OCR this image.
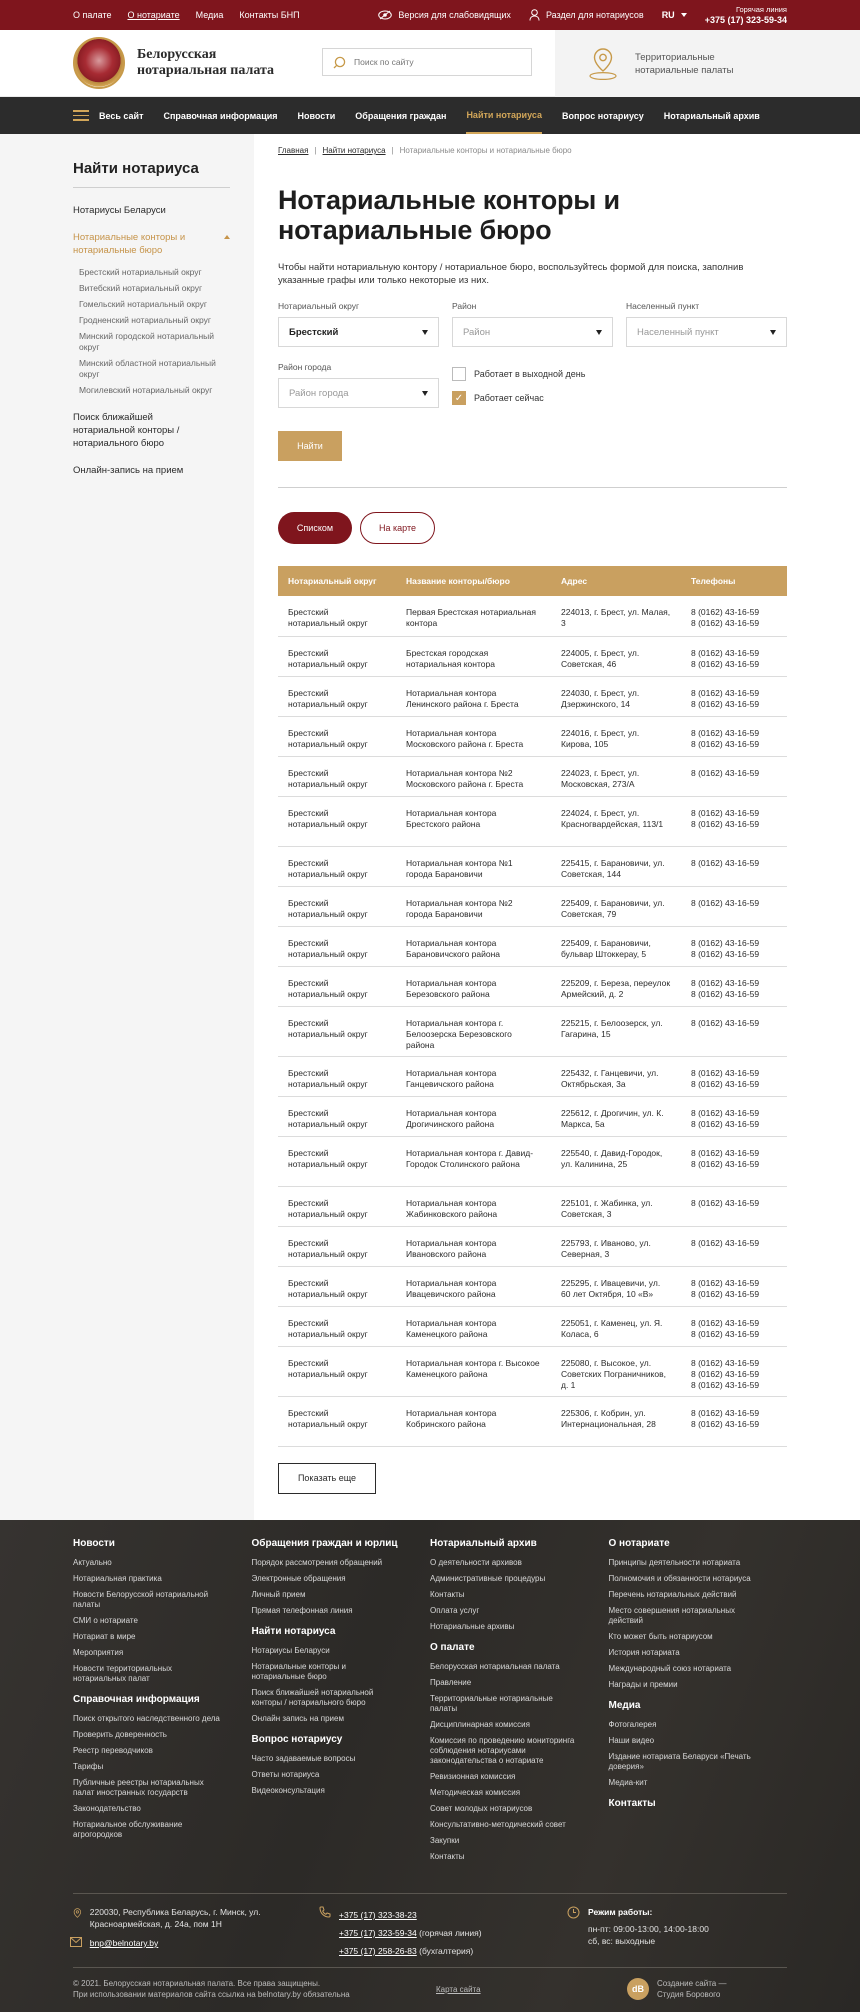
О палате О нотариате Медиа Контакты БНП	Версия для слабовидящих	Раздел для нотариусов RU
Горячая линия
+375 (17) 323-59-34
Белорусская нотариальная палата
Поиск по сайту
Территориальные нотариальные палаты
Весь сайт Справочная информация Новости Обращения граждан Найти нотариуса Вопрос нотариусу Нотариальный архив
Найти нотариуса
Нотариусы Беларуси
Нотариальные конторы и нотариальные бюро
Брестский нотариальный округ
Витебский нотариальный округ
Гомельский нотариальный округ
Гродненский нотариальный округ
Минский городской нотариальный округ
Минский областной нотариальный округ
Могилевский нотариальный округ
Поиск ближайшей нотариальной конторы / нотариального бюро
Онлайн-запись на прием
Главная | Найти нотариуса | Нотариальные конторы и нотариальные бюро
Нотариальные конторы и нотариальные бюро

Чтобы найти нотариальную контору / нотариальное бюро, воспользуйтесь формой для поиска, заполнив указанные графы или только некоторые из них.

Нотариальный округ
Брестский
Район
Район
Населенный пункт
Населенный пункт
Район города
Район города
Работает в выходной день
✓	Работает сейчас
Найти
Списком	На карте
Нотариальный округ	Название конторы/бюро	Адрес	Телефоны
Брестский нотариальный округ	Первая Брестская нотариальная контора	224013, г. Брест, ул. Малая, 3	8 (0162) 43-16-59
8 (0162) 43-16-59
Брестский нотариальный округ	Брестская городская нотариальная контора	224005, г. Брест, ул. Советская, 46	8 (0162) 43-16-59
8 (0162) 43-16-59
Брестский нотариальный округ	Нотариальная контора Ленинского района г. Бреста	224030, г. Брест, ул. Дзержинского, 14	8 (0162) 43-16-59
8 (0162) 43-16-59
Брестский нотариальный округ	Нотариальная контора Московского района г. Бреста	224016, г. Брест, ул. Кирова, 105	8 (0162) 43-16-59
8 (0162) 43-16-59
Брестский нотариальный округ	Нотариальная контора №2 Московского района г. Бреста	224023, г. Брест, ул. Московская, 273/А	8 (0162) 43-16-59
Брестский нотариальный округ	Нотариальная контора Брестского района	224024, г. Брест, ул. Красногвардейская, 113/1	8 (0162) 43-16-59
8 (0162) 43-16-59
Брестский нотариальный округ	Нотариальная контора №1 города Барановичи	225415, г. Барановичи, ул. Советская, 144	8 (0162) 43-16-59
Брестский нотариальный округ	Нотариальная контора №2 города Барановичи	225409, г. Барановичи, ул. Советская, 79	8 (0162) 43-16-59
Брестский нотариальный округ	Нотариальная контора Барановичского района	225409, г. Барановичи, бульвар Штоккерау, 5	8 (0162) 43-16-59
8 (0162) 43-16-59
Брестский нотариальный округ	Нотариальная контора Березовского района	225209, г. Береза, переулок Армейский, д. 2	8 (0162) 43-16-59
8 (0162) 43-16-59
Брестский нотариальный округ	Нотариальная контора г. Белоозерска Березовского района	225215, г. Белоозерск, ул. Гагарина, 15	8 (0162) 43-16-59
Брестский нотариальный округ	Нотариальная контора Ганцевичского района	225432, г. Ганцевичи, ул. Октябрьская, 3а	8 (0162) 43-16-59
8 (0162) 43-16-59
Брестский нотариальный округ	Нотариальная контора Дрогичинского района	225612, г. Дрогичин, ул. К. Маркса, 5а	8 (0162) 43-16-59
8 (0162) 43-16-59
Брестский нотариальный округ	Нотариальная контора г. Давид-Городок Столинского района	225540, г. Давид-Городок, ул. Калинина, 25	8 (0162) 43-16-59
8 (0162) 43-16-59
Брестский нотариальный округ	Нотариальная контора Жабинковского района	225101, г. Жабинка, ул. Советская, 3	8 (0162) 43-16-59
Брестский нотариальный округ	Нотариальная контора Ивановского района	225793, г. Иваново, ул. Северная, 3	8 (0162) 43-16-59
Брестский нотариальный округ	Нотариальная контора Ивацевичского района	225295, г. Ивацевичи, ул. 60 лет Октября, 10 «В»	8 (0162) 43-16-59
8 (0162) 43-16-59
Брестский нотариальный округ	Нотариальная контора Каменецкого района	225051, г. Каменец, ул. Я. Коласа, 6	8 (0162) 43-16-59
8 (0162) 43-16-59
Брестский нотариальный округ	Нотариальная контора г. Высокое Каменецкого района	225080, г. Высокое, ул. Советских Пограничников, д. 1	8 (0162) 43-16-59
8 (0162) 43-16-59
8 (0162) 43-16-59
Брестский нотариальный округ	Нотариальная контора Кобринского района	225306, г. Кобрин, ул. Интернациональная, 28	8 (0162) 43-16-59
8 (0162) 43-16-59
Показать еще
Новости
Актуально
Нотариальная практика
Новости Белорусской нотариальной палаты
СМИ о нотариате
Нотариат в мире
Мероприятия
Новости территориальных нотариальных палат
Справочная информация
Поиск открытого наследственного дела
Проверить доверенность
Реестр переводчиков
Тарифы
Публичные реестры нотариальных палат иностранных государств
Законодательство
Нотариальное обслуживание агрогородков
Обращения граждан и юрлиц
Порядок рассмотрения обращений
Электронные обращения
Личный прием
Прямая телефонная линия
Найти нотариуса
Нотариусы Беларуси
Нотариальные конторы и нотариальные бюро
Поиск ближайшей нотариальной конторы / нотариального бюро
Онлайн запись на прием
Вопрос нотариусу
Часто задаваемые вопросы
Ответы нотариуса
Видеоконсультация
Нотариальный архив
О деятельности архивов
Административные процедуры
Контакты
Оплата услуг
Нотариальные архивы
О палате
Белорусская нотариальная палата
Правление
Территориальные нотариальные палаты
Дисциплинарная комиссия
Комиссия по проведению мониторинга соблюдения нотариусами законодательства о нотариате
Ревизионная комиссия
Методическая комиссия
Совет молодых нотариусов
Консультативно-методический совет
Закупки
Контакты
О нотариате
Принципы деятельности нотариата
Полномочия и обязанности нотариуса
Перечень нотариальных действий
Место совершения нотариальных действий
Кто может быть нотариусом
История нотариата
Международный союз нотариата
Награды и премии
Медиа
Фотогалерея
Наши видео
Издание нотариата Беларуси «Печать доверия»
Медиа-кит
Контакты
220030, Республика Беларусь, г. Минск, ул. Красноармейская, д. 24а, пом 1Н
bnp@belnotary.by
+375 (17) 323-38-23
+375 (17) 323-59-34 (горячая линия)
+375 (17) 258-26-83 (бухгалтерия)
Режим работы:
пн-пт: 09:00-13:00, 14:00-18:00
сб, вс: выходные
© 2021. Белорусская нотариальная палата. Все права защищены.
При использовании материалов сайта ссылка на belnotary.by обязательна
Карта сайта	dB	Создание сайта — Студия Борового
